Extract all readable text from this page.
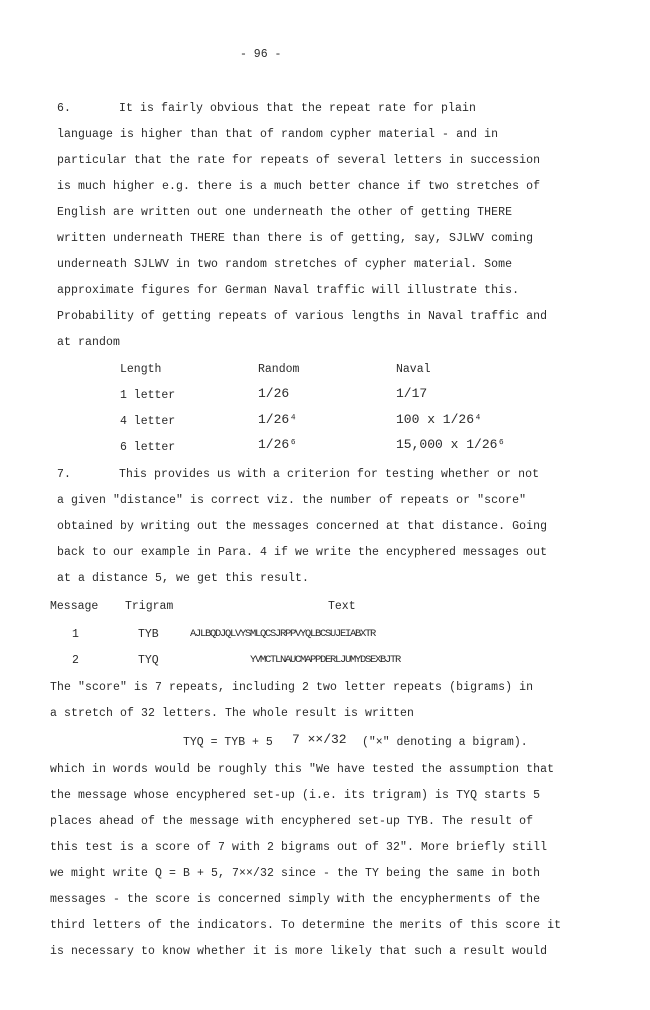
- 96 -
6.	It is fairly obvious that the repeat rate for plain
language is higher than that of random cypher material - and in
particular that the rate for repeats of several letters in succession
is much higher e.g. there is a much better chance if two stretches of
English are written out one underneath the other of getting THERE
written underneath THERE than there is of getting, say, SJLWV coming
underneath SJLWV in two random stretches of cypher material. Some
approximate figures for German Naval traffic will illustrate this.
Probability of getting repeats of various lengths in Naval traffic and
at random
Length	Random	Naval
1 letter	1/26	1/17
4 letter	1/26⁴	100 x 1/26⁴
6 letter	1/26⁶	15,000 x 1/26⁶
7.	This provides us with a criterion for testing whether or not
a given "distance" is correct viz. the number of repeats or "score"
obtained by writing out the messages concerned at that distance. Going
back to our example in Para. 4 if we write the encyphered messages out
at a distance 5, we get this result.
Message Trigram	Text
1	TYB	AJLBQDJQLVYSMLQCSJRPPVYQLBCSUJEIABXTR
2	TYQ	YVMCTLNAUCMAPPDERLJUMYDSEXBJTR
The "score" is 7 repeats, including 2 two letter repeats (bigrams) in
a stretch of 32 letters. The whole result is written
TYQ = TYB + 5 7 ××/32 ("×" denoting a bigram).
which in words would be roughly this "We have tested the assumption that
the message whose encyphered set-up (i.e. its trigram) is TYQ starts 5
places ahead of the message with encyphered set-up TYB. The result of
this test is a score of 7 with 2 bigrams out of 32". More briefly still
we might write Q = B + 5, 7××/32 since - the TY being the same in both
messages - the score is concerned simply with the encypherments of the
third letters of the indicators. To determine the merits of this score it
is necessary to know whether it is more likely that such a result would
